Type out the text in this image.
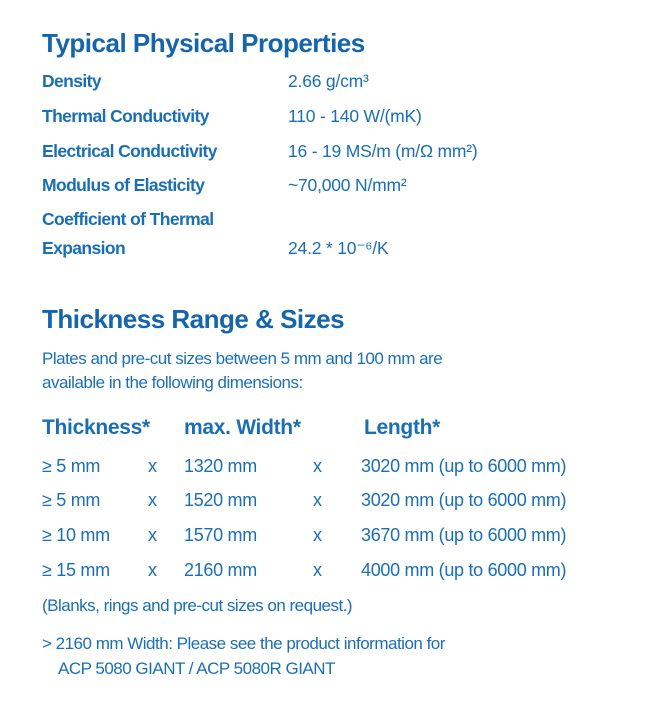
Typical Physical Properties
Density	2.66 g/cm³
Thermal Conductivity	110 - 140 W/(mK)
Electrical Conductivity	16 - 19 MS/m (m/Ω mm²)
Modulus of Elasticity	~70,000 N/mm²
Coefficient of Thermal
Expansion	24.2 * 10⁻⁶/K
Thickness Range & Sizes
Plates and pre-cut sizes between 5 mm and 100 mm are
available in the following dimensions:
Thickness* max. Width*	Length*
≥ 5 mm	x 1320 mm	x 3020 mm (up to 6000 mm)
≥ 5 mm	x 1520 mm	x 3020 mm (up to 6000 mm)
≥ 10 mm x 1570 mm	x 3670 mm (up to 6000 mm)
≥ 15 mm x 2160 mm	x 4000 mm (up to 6000 mm)
(Blanks, rings and pre-cut sizes on request.)
> 2160 mm Width: Please see the product information for
ACP 5080 GIANT / ACP 5080R GIANT
